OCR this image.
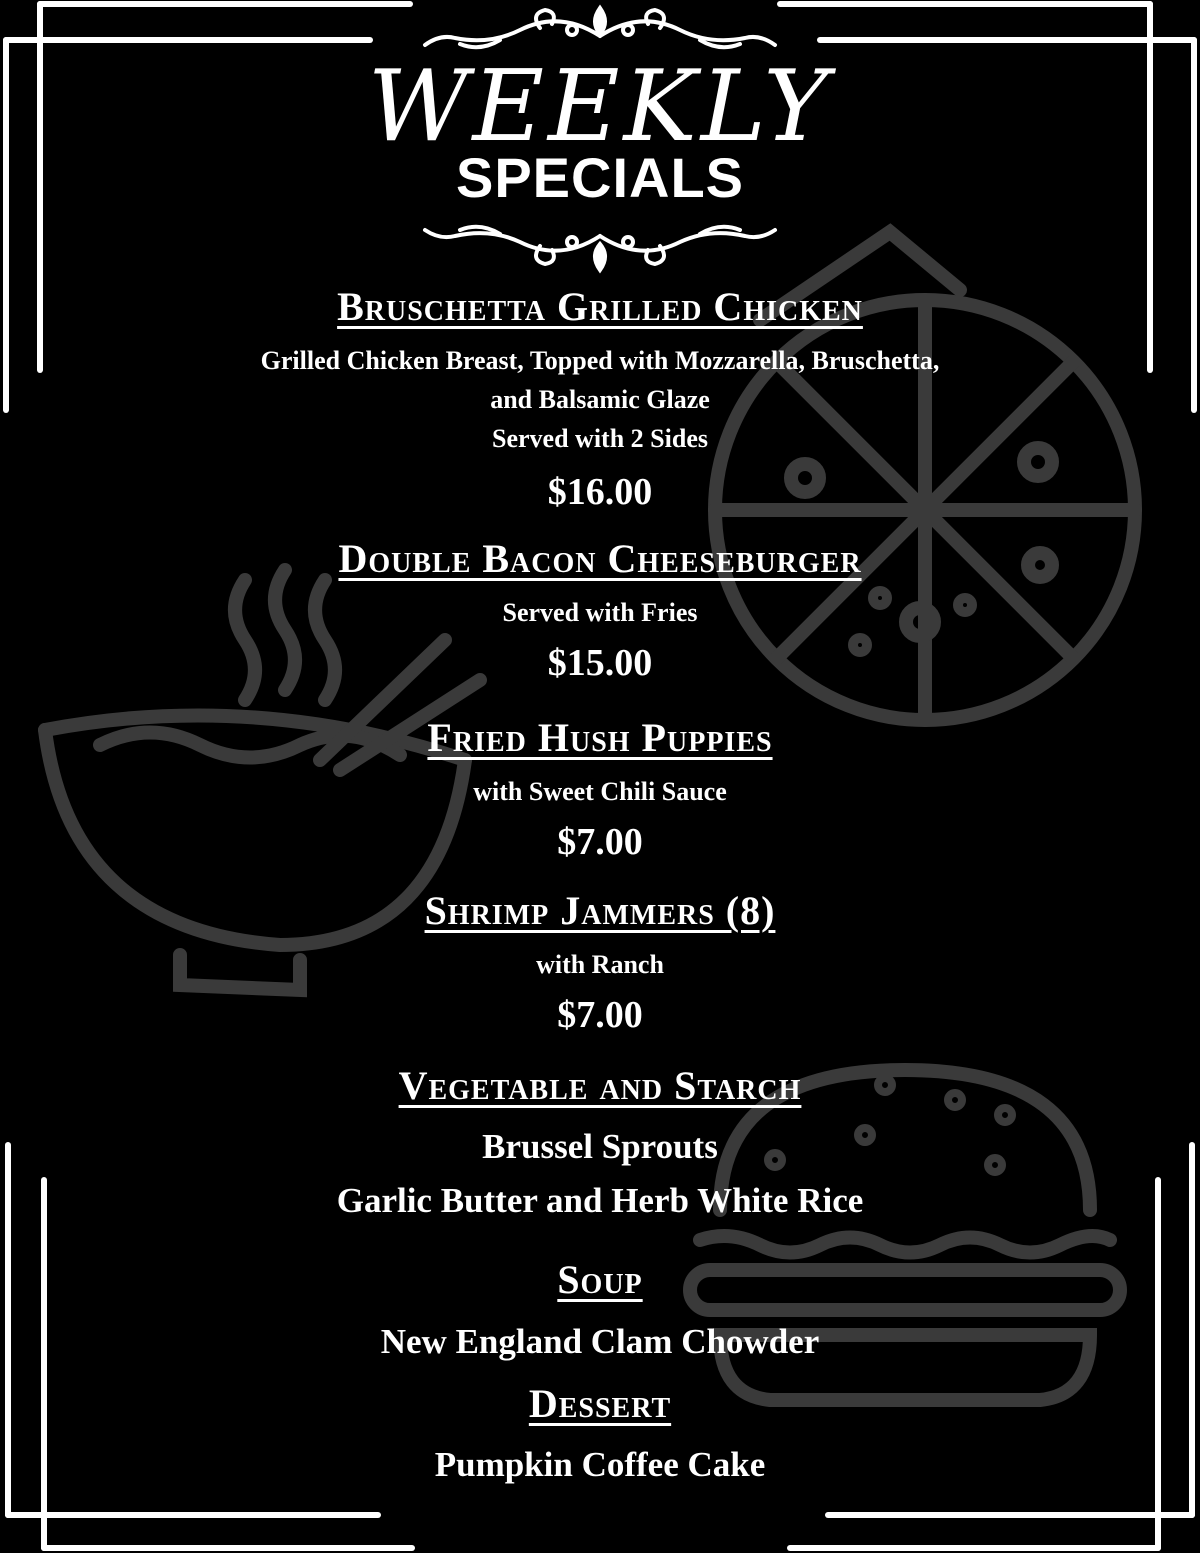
WEEKLY
SPECIALS
Bruschetta Grilled Chicken
Grilled Chicken Breast, Topped with Mozzarella, Bruschetta,
and Balsamic Glaze
Served with 2 Sides
$16.00
Double Bacon Cheeseburger
Served with Fries
$15.00
Fried Hush Puppies
with Sweet Chili Sauce
$7.00
Shrimp Jammers (8)
with Ranch
$7.00
Vegetable and Starch
Brussel Sprouts
Garlic Butter and Herb White Rice
Soup
New England Clam Chowder
Dessert
Pumpkin Coffee Cake
